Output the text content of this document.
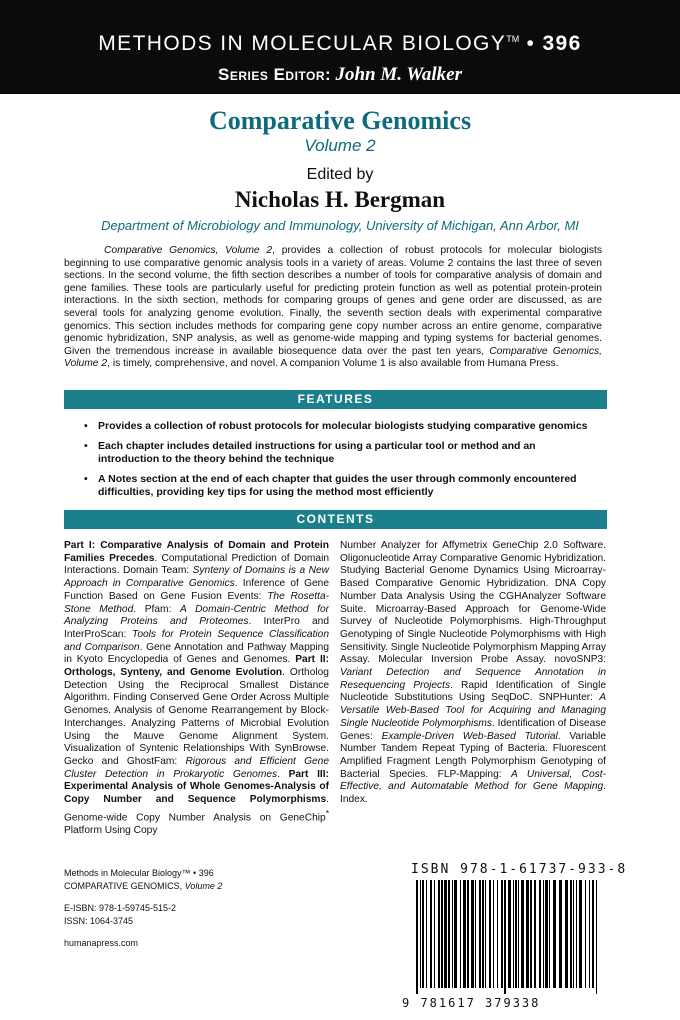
METHODS IN MOLECULAR BIOLOGY™ • 396
Series Editor: John M. Walker
Comparative Genomics
Volume 2
Edited by
Nicholas H. Bergman
Department of Microbiology and Immunology, University of Michigan, Ann Arbor, MI
Comparative Genomics, Volume 2, provides a collection of robust protocols for molecular biologists beginning to use comparative genomic analysis tools in a variety of areas. Volume 2 contains the last three of seven sections. In the second volume, the fifth section describes a number of tools for comparative analysis of domain and gene families. These tools are particularly useful for predicting protein function as well as potential protein-protein interactions. In the sixth section, methods for comparing groups of genes and gene order are discussed, as are several tools for analyzing genome evolution. Finally, the seventh section deals with experimental comparative genomics. This section includes methods for comparing gene copy number across an entire genome, comparative genomic hybridization, SNP analysis, as well as genome-wide mapping and typing systems for bacterial genomes. Given the tremendous increase in available biosequence data over the past ten years, Comparative Genomics, Volume 2, is timely, comprehensive, and novel. A companion Volume 1 is also available from Humana Press.
FEATURES
• Provides a collection of robust protocols for molecular biologists studying comparative genomics
• Each chapter includes detailed instructions for using a particular tool or method and an introduction to the theory behind the technique
• A Notes section at the end of each chapter that guides the user through commonly encountered difficulties, providing key tips for using the method most efficiently
CONTENTS
Part I: Comparative Analysis of Domain and Protein Families Precedes. Computational Prediction of Domain Interactions. Domain Team: Synteny of Domains is a New Approach in Comparative Genomics. Inference of Gene Function Based on Gene Fusion Events: The Rosetta-Stone Method. Pfam: A Domain-Centric Method for Analyzing Proteins and Proteomes. InterPro and InterProScan: Tools for Protein Sequence Classification and Comparison. Gene Annotation and Pathway Mapping in Kyoto Encyclopedia of Genes and Genomes. Part II: Orthologs, Synteny, and Genome Evolution. Ortholog Detection Using the Reciprocal Smallest Distance Algorithm. Finding Conserved Gene Order Across Multiple Genomes. Analysis of Genome Rearrangement by Block-Interchanges. Analyzing Patterns of Microbial Evolution Using the Mauve Genome Alignment System. Visualization of Syntenic Relationships With SynBrowse. Gecko and GhostFam: Rigorous and Efficient Gene Cluster Detection in Prokaryotic Genomes. Part III: Experimental Analysis of Whole Genomes-Analysis of Copy Number and Sequence Polymorphisms. Genome-wide Copy Number Analysis on GeneChip* Platform Using Copy
Number Analyzer for Affymetrix GeneChip 2.0 Software. Oligonucleotide Array Comparative Genomic Hybridization. Studying Bacterial Genome Dynamics Using Microarray-Based Comparative Genomic Hybridization. DNA Copy Number Data Analysis Using the CGHAnalyzer Software Suite. Microarray-Based Approach for Genome-Wide Survey of Nucleotide Polymorphisms. High-Throughput Genotyping of Single Nucleotide Polymorphisms with High Sensitivity. Single Nucleotide Polymorphism Mapping Array Assay. Molecular Inversion Probe Assay. novoSNP3: Variant Detection and Sequence Annotation in Resequencing Projects. Rapid Identification of Single Nucleotide Substitutions Using SeqDoC. SNPHunter: A Versatile Web-Based Tool for Acquiring and Managing Single Nucleotide Polymorphisms. Identification of Disease Genes: Example-Driven Web-Based Tutorial. Variable Number Tandem Repeat Typing of Bacteria. Fluorescent Amplified Fragment Length Polymorphism Genotyping of Bacterial Species. FLP-Mapping: A Universal, Cost-Effective, and Automatable Method for Gene Mapping. Index.
Methods in Molecular Biology™ • 396
COMPARATIVE GENOMICS, Volume 2
E-ISBN: 978-1-59745-515-2
ISSN: 1064-3745
humanapress.com
ISBN 978-1-61737-933-8
9 781617 379338
